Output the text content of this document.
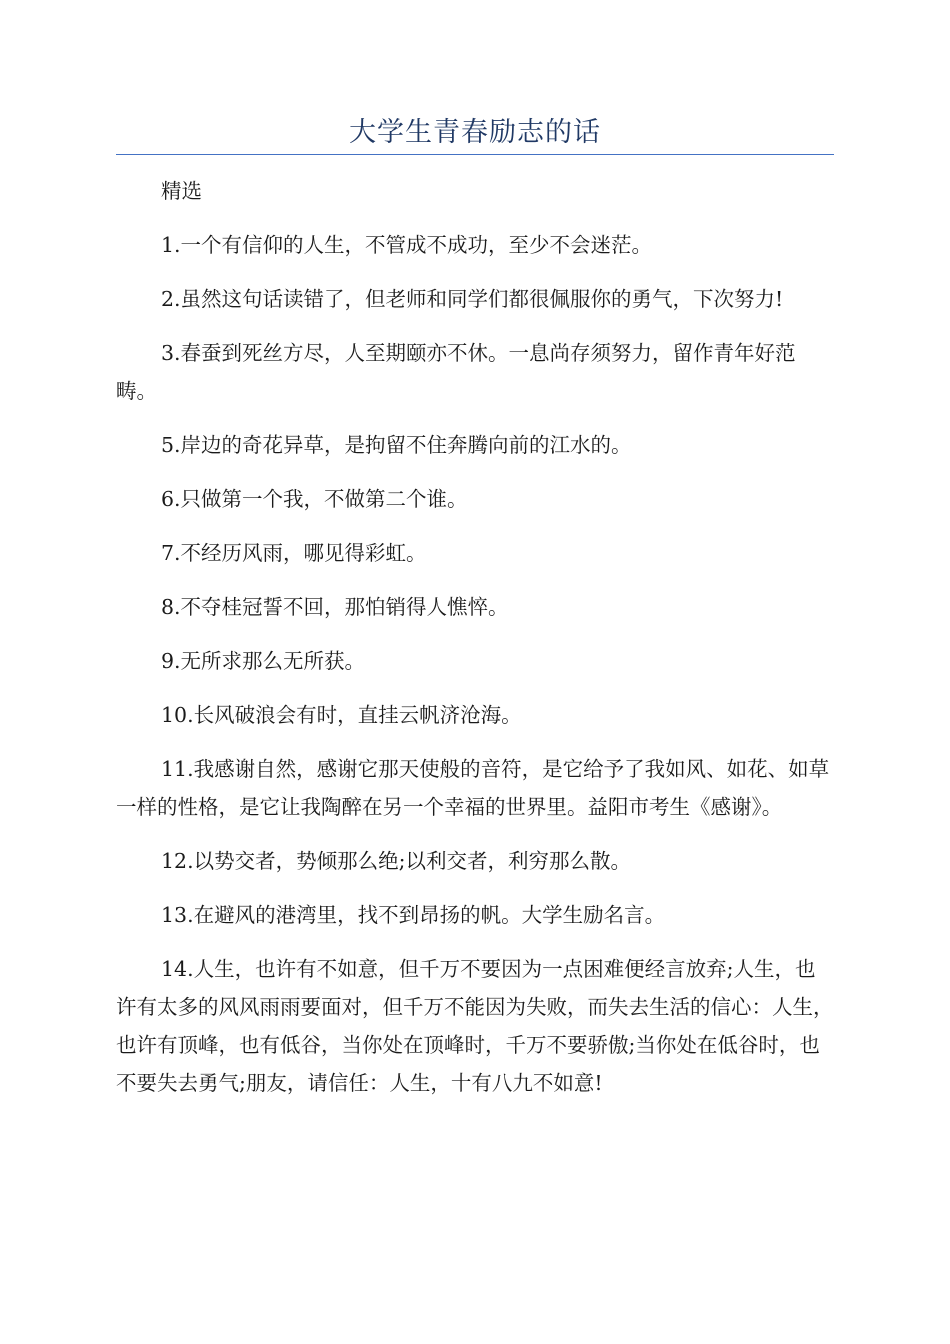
大学生青春励志的话

精选

1.一个有信仰的人生，不管成不成功，至少不会迷茫。

2.虽然这句话读错了，但老师和同学们都很佩服你的勇气，下次努力!

3.春蚕到死丝方尽，人至期颐亦不休。一息尚存须努力，留作青年好范畴。

5.岸边的奇花异草，是拘留不住奔腾向前的江水的。

6.只做第一个我，不做第二个谁。

7.不经历风雨，哪见得彩虹。

8.不夺桂冠誓不回，那怕销得人憔悴。

9.无所求那么无所获。

10.长风破浪会有时，直挂云帆济沧海。

11.我感谢自然，感谢它那天使般的音符，是它给予了我如风、如花、如草一样的性格，是它让我陶醉在另一个幸福的世界里。益阳市考生《感谢》。

12.以势交者，势倾那么绝;以利交者，利穷那么散。

13.在避风的港湾里，找不到昂扬的帆。大学生励名言。

14.人生，也许有不如意，但千万不要因为一点困难便经言放弃;人生，也许有太多的风风雨雨要面对，但千万不能因为失败，而失去生活的信心：人生，也许有顶峰，也有低谷，当你处在顶峰时，千万不要骄傲;当你处在低谷时，也不要失去勇气;朋友，请信任：人生，十有八九不如意!
